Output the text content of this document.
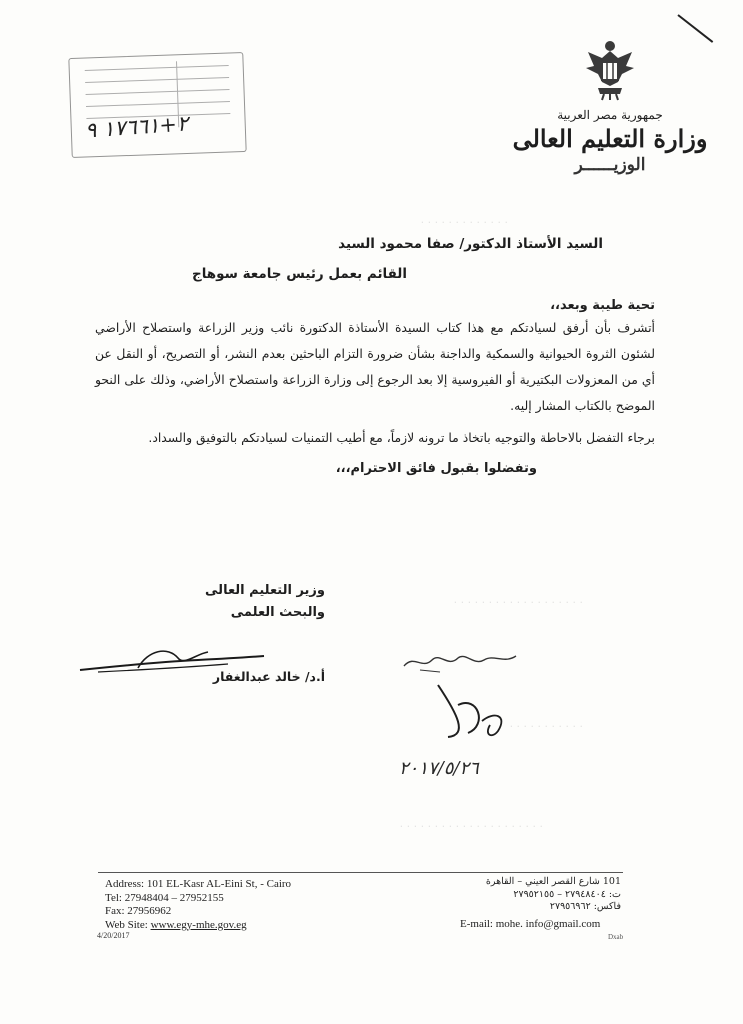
· · · · · · · · · · · · ·
· · · · · · · · · · · · · · · · · · ·
· · · · · · · · · · ·
· · · · · · · · · · · · · · · · · · · · ·
٢+١٧٦٦١ ٩	جمهورية مصر العربية
وزارة التعليم العالى
الوزيــــــر
السيد الأستاذ الدكتور/ صفا محمود السيد
القائم بعمل رئيس جامعة سوهاج
تحية طيبة وبعد،،

أتشرف بأن أرفق لسيادتكم مع هذا كتاب السيدة الأستاذة الدكتورة نائب وزير الزراعة واستصلاح الأراضي لشئون الثروة الحيوانية والسمكية والداجنة بشأن ضرورة التزام الباحثين بعدم النشر، أو التصريح، أو النقل عن أي من المعزولات البكتيرية أو الفيروسية إلا بعد الرجوع إلى وزارة الزراعة واستصلاح الأراضي، وذلك على النحو الموضح بالكتاب المشار إليه.

برجاء التفضل بالاحاطة والتوجيه باتخاذ ما ترونه لازماً، مع أطيب التمنيات لسيادتكم بالتوفيق والسداد.

وتفضلوا بقبول فائق الاحترام،،،
وزير التعليم العالى
والبحث العلمى
أ.د/ خالد عبدالغفار
٢٠١٧/٥/٢٦
Address: 101 EL-Kasr AL-Eini St, - Cairo
Tel: 27948404 – 27952155
Fax: 27956962
Web Site: www.egy-mhe.gov.eg
4/20/2017
101 شارع القصر العيني – القاهرة
ت: ٢٧٩٤٨٤٠٤ – ٢٧٩٥٢١٥٥
فاكس: ٢٧٩٥٦٩٦٢
E-mail: mohe. info@gmail.com
Dxab
